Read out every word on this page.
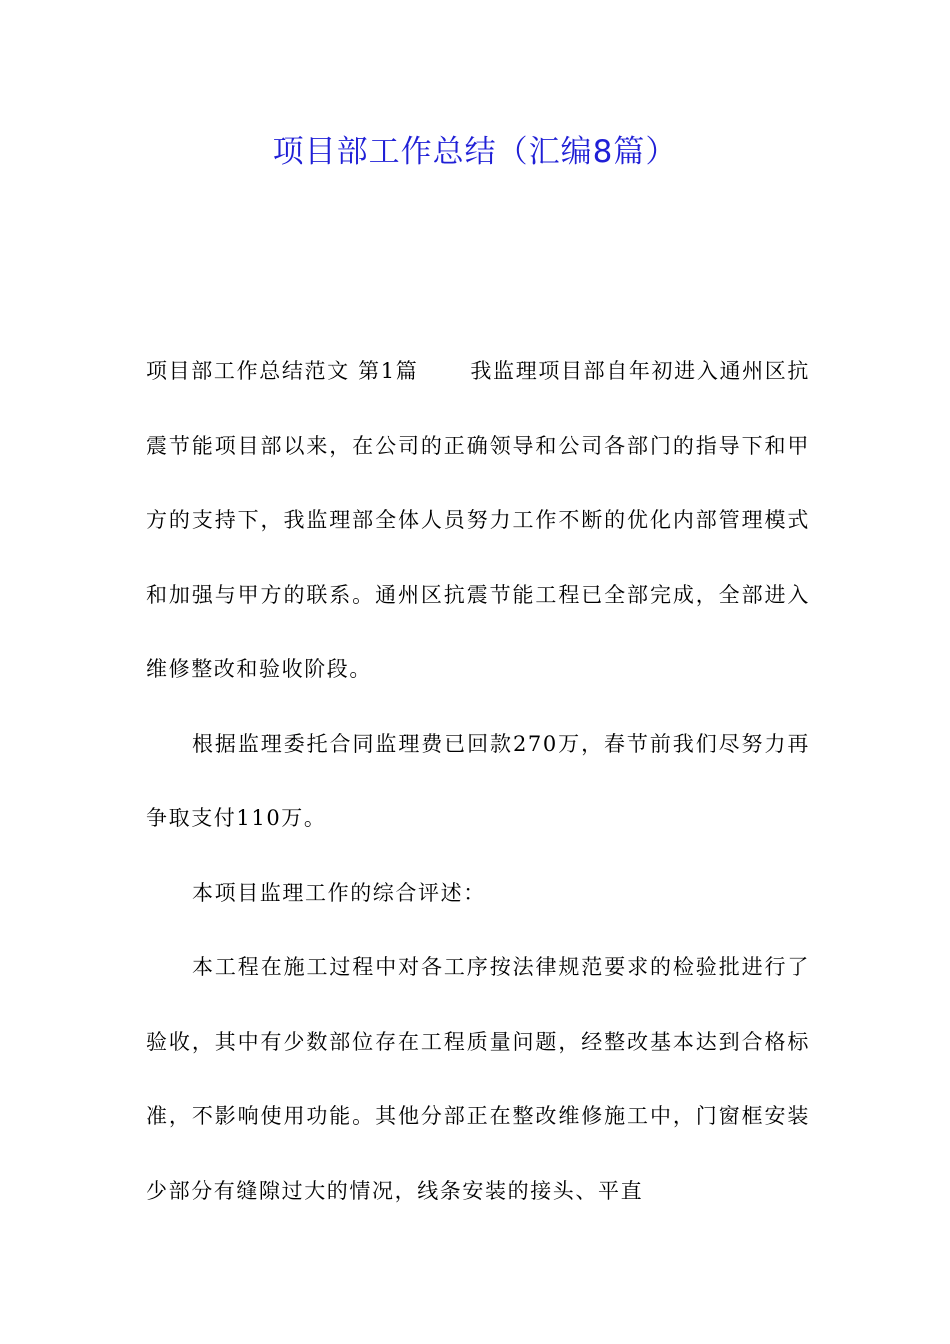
项目部工作总结（汇编8篇）

项目部工作总结范文 第1篇 我监理项目部自年初进入通州区抗震节能项目部以来，在公司的正确领导和公司各部门的指导下和甲方的支持下，我监理部全体人员努力工作不断的优化内部管理模式和加强与甲方的联系。通州区抗震节能工程已全部完成，全部进入维修整改和验收阶段。

根据监理委托合同监理费已回款270万，春节前我们尽努力再争取支付110万。

本项目监理工作的综合评述：

本工程在施工过程中对各工序按法律规范要求的检验批进行了验收，其中有少数部位存在工程质量问题，经整改基本达到合格标准，不影响使用功能。其他分部正在整改维修施工中，门窗框安装少部分有缝隙过大的情况，线条安装的接头、平直
